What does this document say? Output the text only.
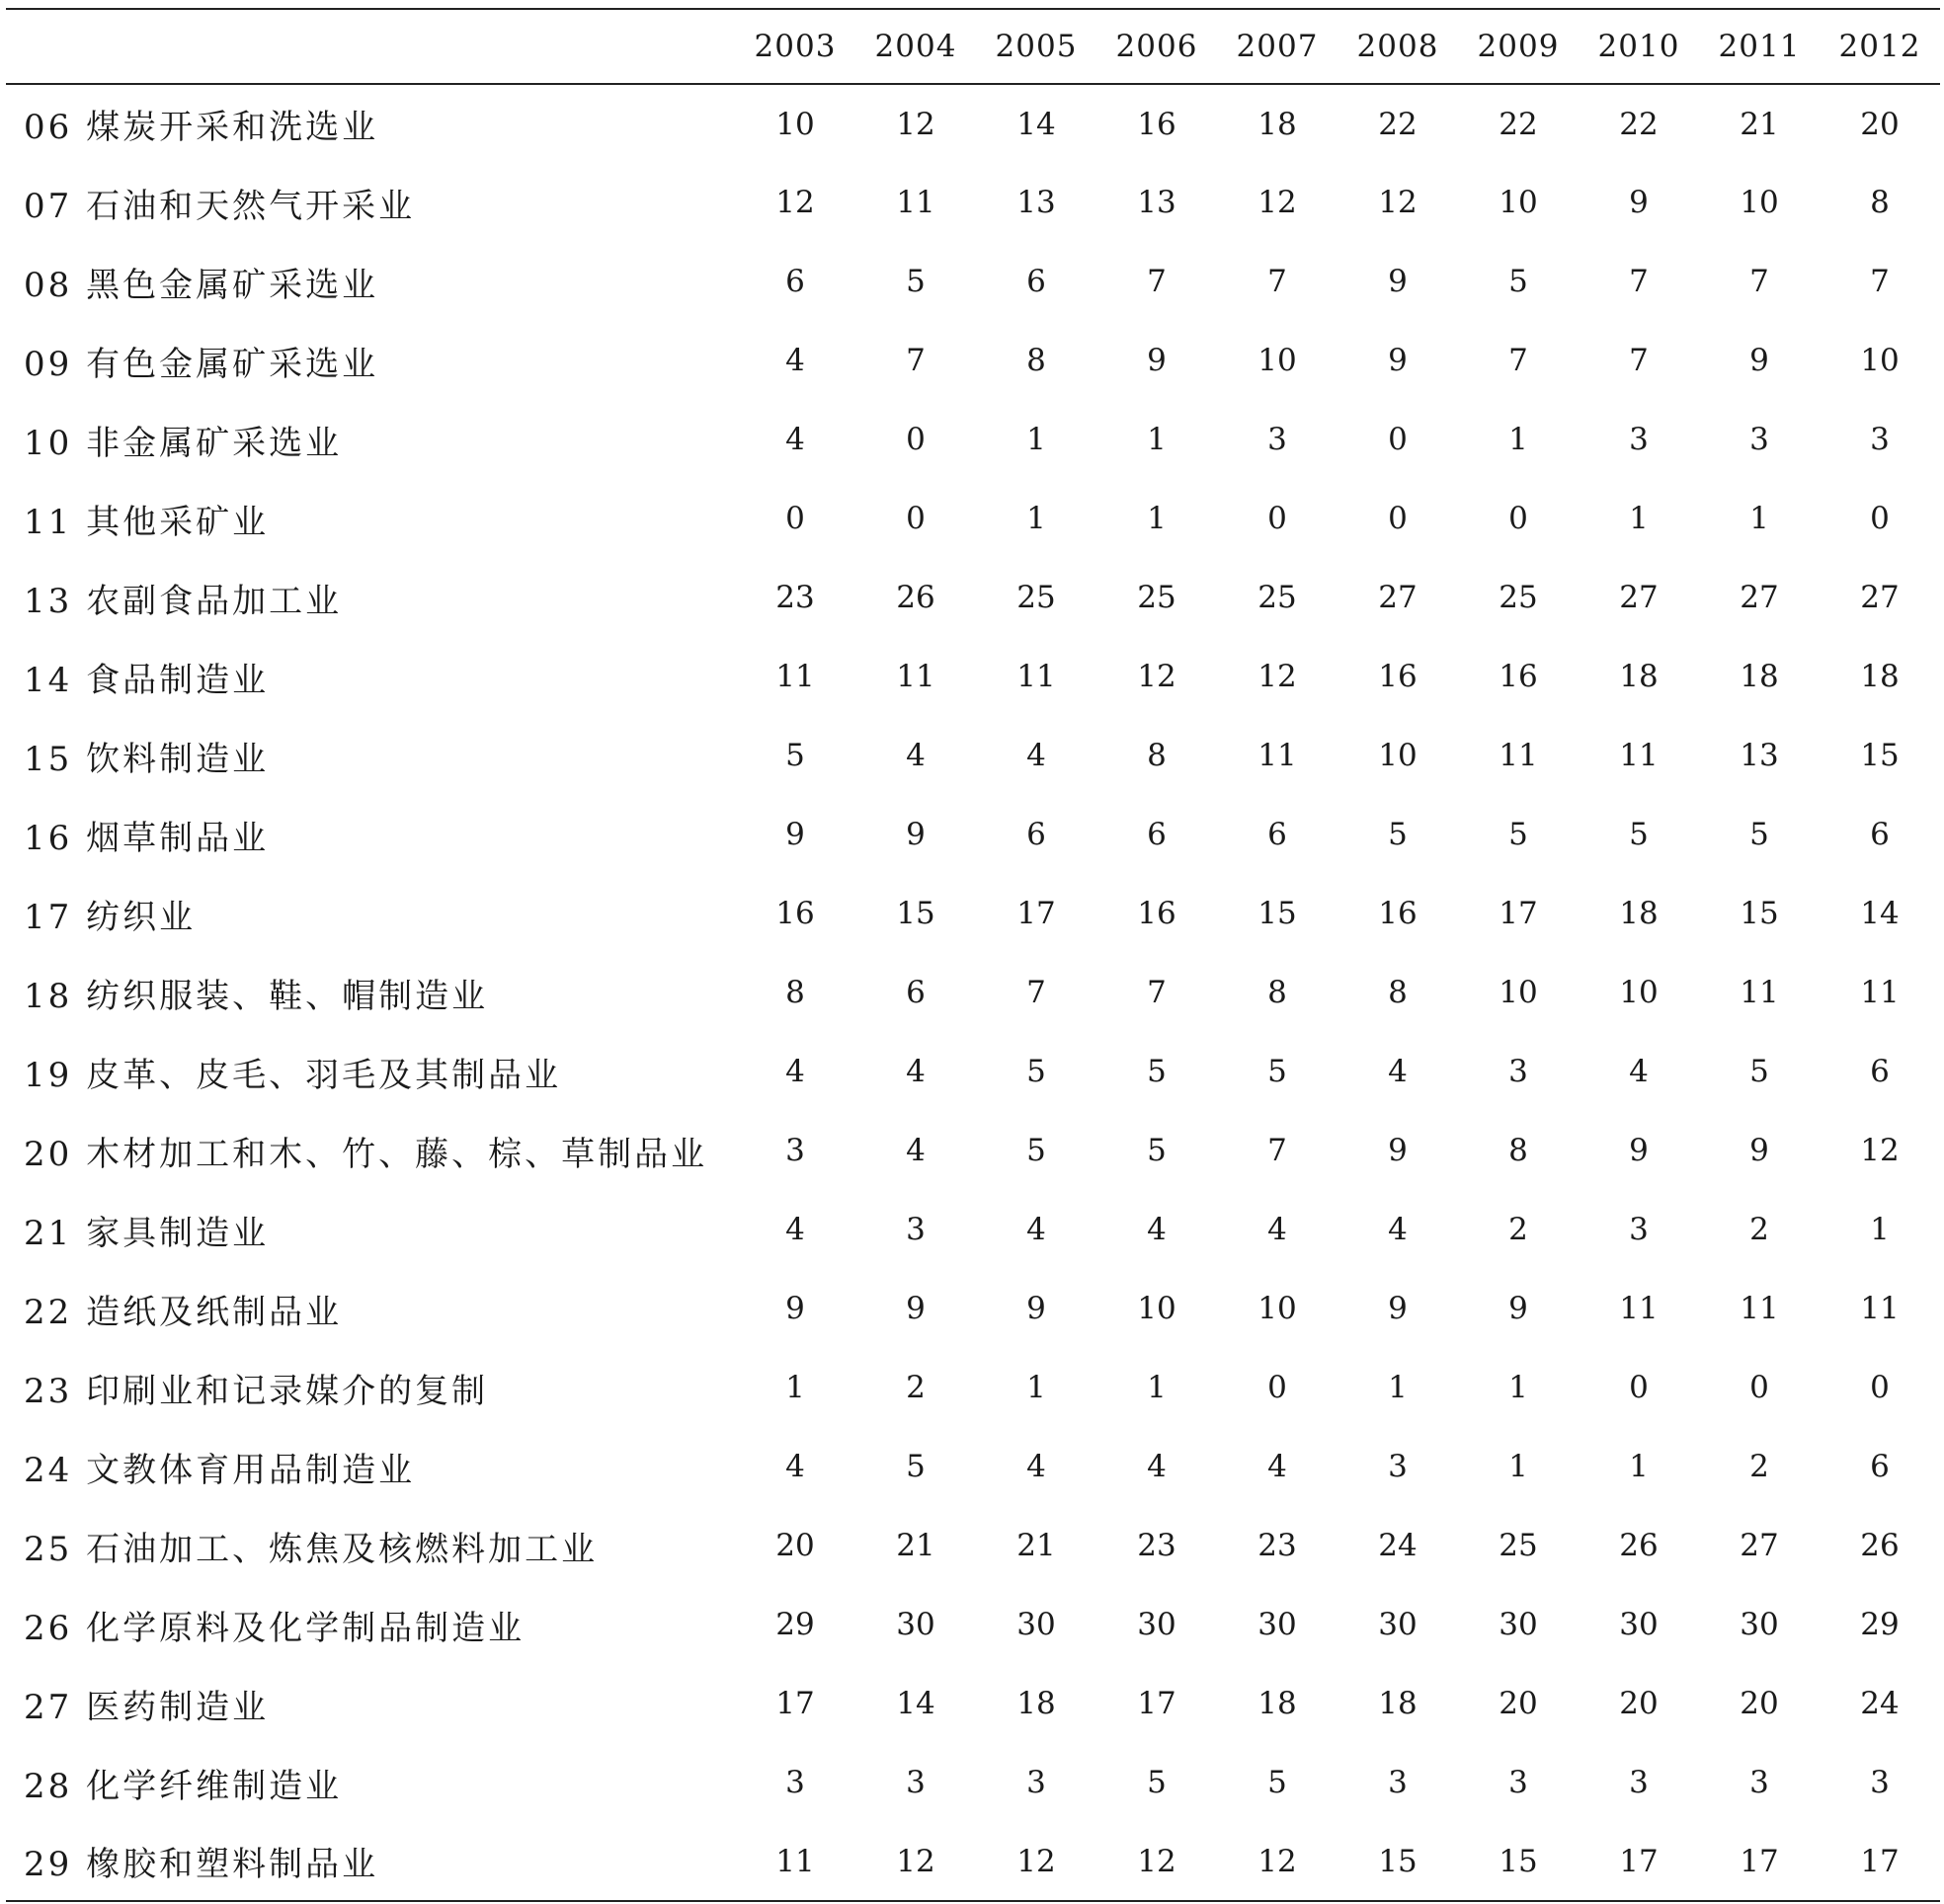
	2003	2004	2005	2006	2007	2008	2009	2010	2011	2012
06 煤炭开采和洗选业	10	12	14	16	18	22	22	22	21	20
07 石油和天然气开采业	12	11	13	13	12	12	10	9	10	8
08 黑色金属矿采选业	6	5	6	7	7	9	5	7	7	7
09 有色金属矿采选业	4	7	8	9	10	9	7	7	9	10
10 非金属矿采选业	4	0	1	1	3	0	1	3	3	3
11 其他采矿业	0	0	1	1	0	0	0	1	1	0
13 农副食品加工业	23	26	25	25	25	27	25	27	27	27
14 食品制造业	11	11	11	12	12	16	16	18	18	18
15 饮料制造业	5	4	4	8	11	10	11	11	13	15
16 烟草制品业	9	9	6	6	6	5	5	5	5	6
17 纺织业	16	15	17	16	15	16	17	18	15	14
18 纺织服装、鞋、帽制造业	8	6	7	7	8	8	10	10	11	11
19 皮革、皮毛、羽毛及其制品业	4	4	5	5	5	4	3	4	5	6
20 木材加工和木、竹、藤、棕、草制品业	3	4	5	5	7	9	8	9	9	12
21 家具制造业	4	3	4	4	4	4	2	3	2	1
22 造纸及纸制品业	9	9	9	10	10	9	9	11	11	11
23 印刷业和记录媒介的复制	1	2	1	1	0	1	1	0	0	0
24 文教体育用品制造业	4	5	4	4	4	3	1	1	2	6
25 石油加工、炼焦及核燃料加工业	20	21	21	23	23	24	25	26	27	26
26 化学原料及化学制品制造业	29	30	30	30	30	30	30	30	30	29
27 医药制造业	17	14	18	17	18	18	20	20	20	24
28 化学纤维制造业	3	3	3	5	5	3	3	3	3	3
29 橡胶和塑料制品业	11	12	12	12	12	15	15	17	17	17
